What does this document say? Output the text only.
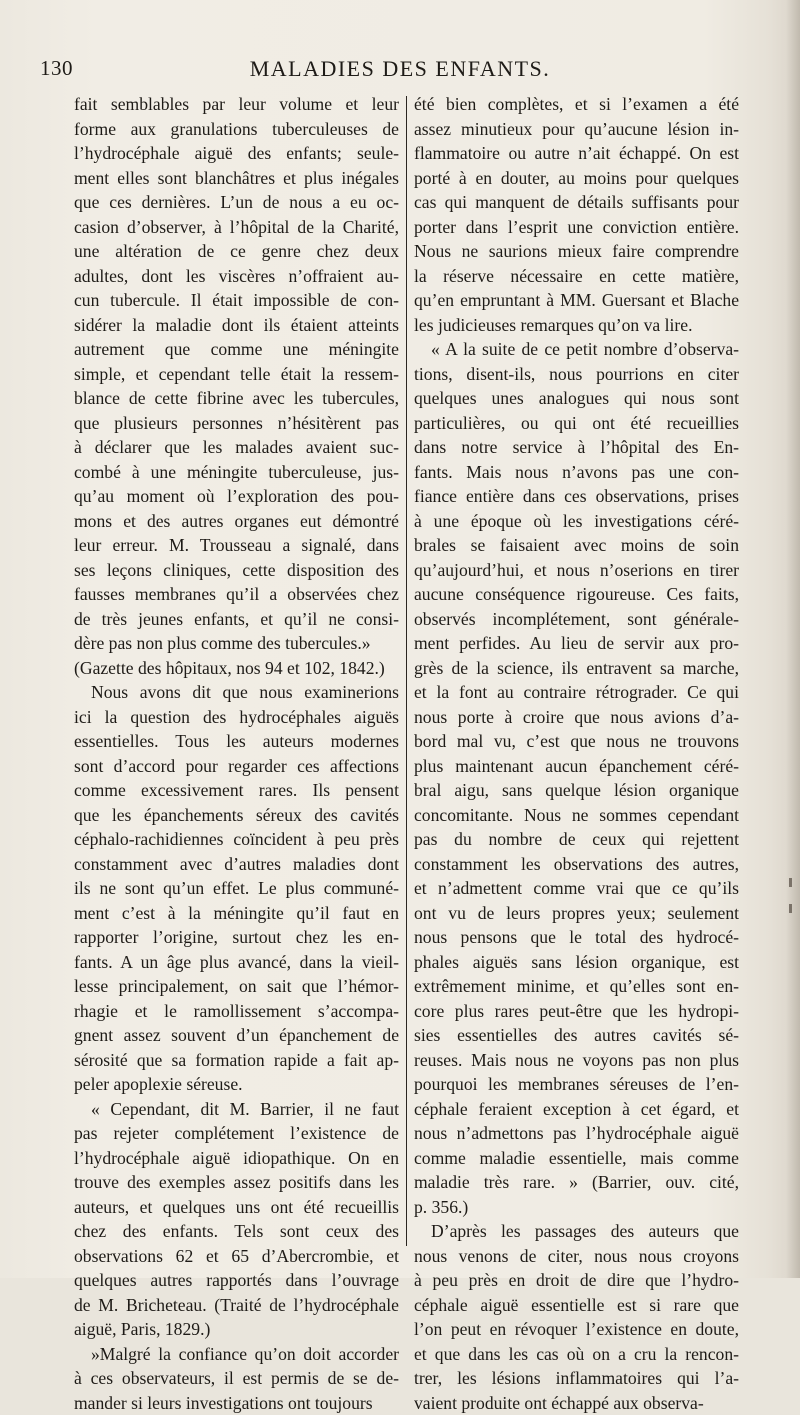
130	MALADIES DES ENFANTS.
fait semblables par leur volume et leur
forme aux granulations tuberculeuses de
l’hydrocéphale aiguë des enfants; seule-
ment elles sont blanchâtres et plus inégales
que ces dernières. L’un de nous a eu oc-
casion d’observer, à l’hôpital de la Charité,
une altération de ce genre chez deux
adultes, dont les viscères n’offraient au-
cun tubercule. Il était impossible de con-
sidérer la maladie dont ils étaient atteints
autrement que comme une méningite
simple, et cependant telle était la ressem-
blance de cette fibrine avec les tubercules,
que plusieurs personnes n’hésitèrent pas
à déclarer que les malades avaient suc-
combé à une méningite tuberculeuse, jus-
qu’au moment où l’exploration des pou-
mons et des autres organes eut démontré
leur erreur. M. Trousseau a signalé, dans
ses leçons cliniques, cette disposition des
fausses membranes qu’il a observées chez
de très jeunes enfants, et qu’il ne consi-
dère pas non plus comme des tubercules.»
(Gazette des hôpitaux, nos 94 et 102, 1842.)
Nous avons dit que nous examinerions
ici la question des hydrocéphales aiguës
essentielles. Tous les auteurs modernes
sont d’accord pour regarder ces affections
comme excessivement rares. Ils pensent
que les épanchements séreux des cavités
céphalo-rachidiennes coïncident à peu près
constamment avec d’autres maladies dont
ils ne sont qu’un effet. Le plus communé-
ment c’est à la méningite qu’il faut en
rapporter l’origine, surtout chez les en-
fants. A un âge plus avancé, dans la vieil-
lesse principalement, on sait que l’hémor-
rhagie et le ramollissement s’accompa-
gnent assez souvent d’un épanchement de
sérosité que sa formation rapide a fait ap-
peler apoplexie séreuse.
« Cependant, dit M. Barrier, il ne faut
pas rejeter complétement l’existence de
l’hydrocéphale aiguë idiopathique. On en
trouve des exemples assez positifs dans les
auteurs, et quelques uns ont été recueillis
chez des enfants. Tels sont ceux des
observations 62 et 65 d’Abercrombie, et
quelques autres rapportés dans l’ouvrage
de M. Bricheteau. (Traité de l’hydrocéphale
aiguë, Paris, 1829.)
»Malgré la confiance qu’on doit accorder
à ces observateurs, il est permis de se de-
mander si leurs investigations ont toujours
été bien complètes, et si l’examen a été
assez minutieux pour qu’aucune lésion in-
flammatoire ou autre n’ait échappé. On est
porté à en douter, au moins pour quelques
cas qui manquent de détails suffisants pour
porter dans l’esprit une conviction entière.
Nous ne saurions mieux faire comprendre
la réserve nécessaire en cette matière,
qu’en empruntant à MM. Guersant et Blache
les judicieuses remarques qu’on va lire.
« A la suite de ce petit nombre d’observa-
tions, disent-ils, nous pourrions en citer
quelques unes analogues qui nous sont
particulières, ou qui ont été recueillies
dans notre service à l’hôpital des En-
fants. Mais nous n’avons pas une con-
fiance entière dans ces observations, prises
à une époque où les investigations céré-
brales se faisaient avec moins de soin
qu’aujourd’hui, et nous n’oserions en tirer
aucune conséquence rigoureuse. Ces faits,
observés incomplétement, sont générale-
ment perfides. Au lieu de servir aux pro-
grès de la science, ils entravent sa marche,
et la font au contraire rétrograder. Ce qui
nous porte à croire que nous avions d’a-
bord mal vu, c’est que nous ne trouvons
plus maintenant aucun épanchement céré-
bral aigu, sans quelque lésion organique
concomitante. Nous ne sommes cependant
pas du nombre de ceux qui rejettent
constamment les observations des autres,
et n’admettent comme vrai que ce qu’ils
ont vu de leurs propres yeux; seulement
nous pensons que le total des hydrocé-
phales aiguës sans lésion organique, est
extrêmement minime, et qu’elles sont en-
core plus rares peut-être que les hydropi-
sies essentielles des autres cavités sé-
reuses. Mais nous ne voyons pas non plus
pourquoi les membranes séreuses de l’en-
céphale feraient exception à cet égard, et
nous n’admettons pas l’hydrocéphale aiguë
comme maladie essentielle, mais comme
maladie très rare. » (Barrier, ouv. cité,
p. 356.)
D’après les passages des auteurs que
nous venons de citer, nous nous croyons
à peu près en droit de dire que l’hydro-
céphale aiguë essentielle est si rare que
l’on peut en révoquer l’existence en doute,
et que dans les cas où on a cru la rencon-
trer, les lésions inflammatoires qui l’a-
vaient produite ont échappé aux observa-
